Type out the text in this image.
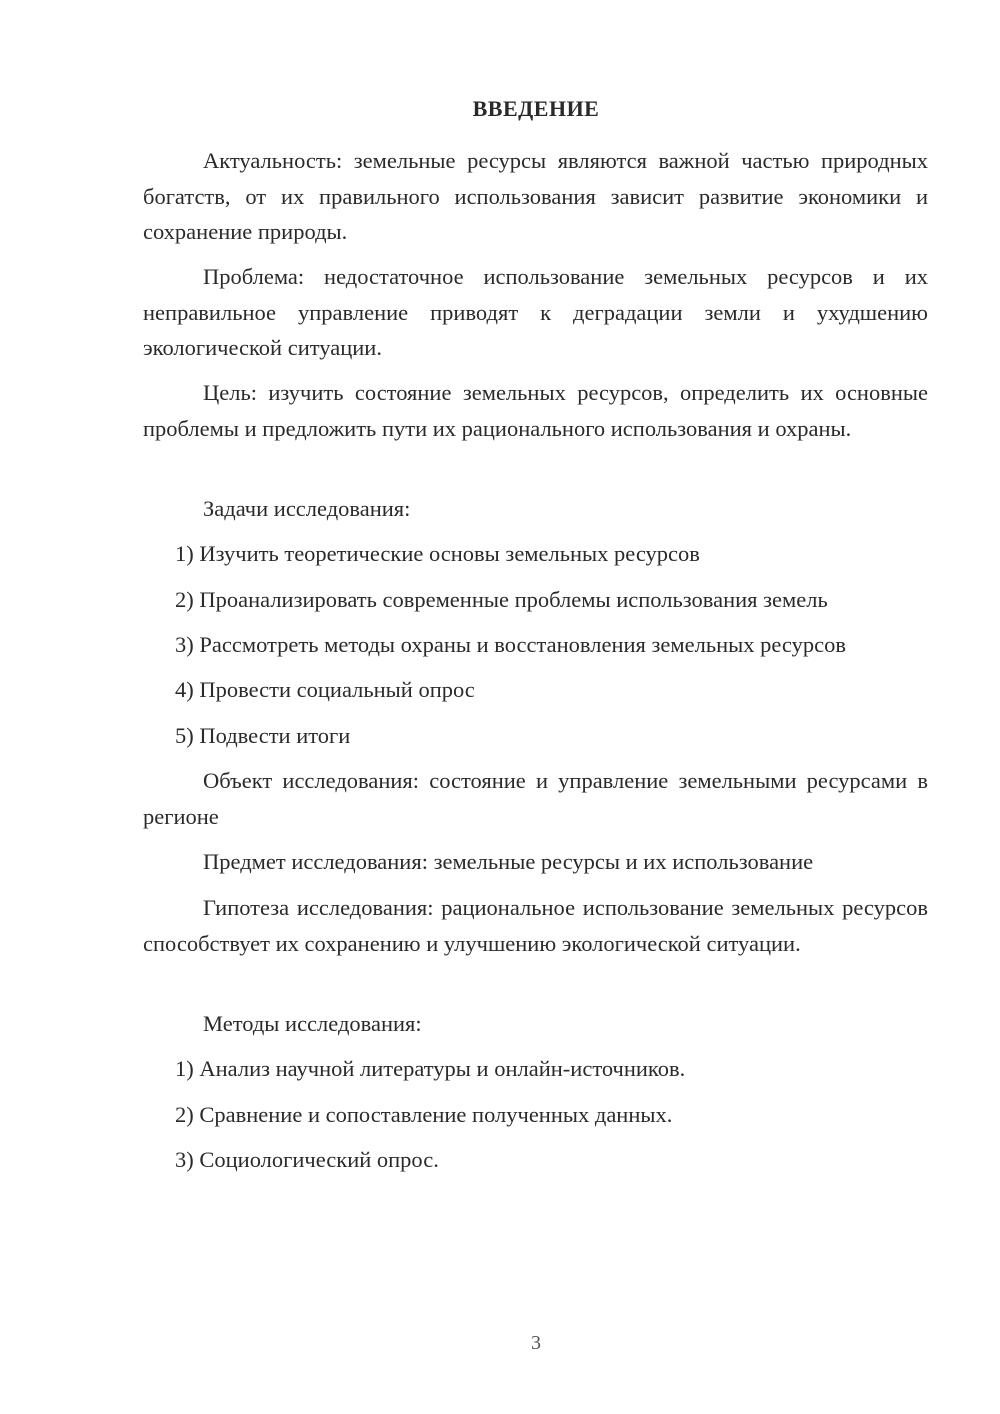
ВВЕДЕНИЕ

Актуальность: земельные ресурсы являются важной частью природных богатств, от их правильного использования зависит развитие экономики и сохранение природы.

Проблема: недостаточное использование земельных ресурсов и их неправильное управление приводят к деградации земли и ухудшению экологической ситуации.

Цель: изучить состояние земельных ресурсов, определить их основные проблемы и предложить пути их рационального использования и охраны.

Задачи исследования:

1) Изучить теоретические основы земельных ресурсов
2) Проанализировать современные проблемы использования земель
3) Рассмотреть методы охраны и восстановления земельных ресурсов
4) Провести социальный опрос
5) Подвести итоги

Объект исследования: состояние и управление земельными ресурсами в регионе

Предмет исследования: земельные ресурсы и их использование

Гипотеза исследования: рациональное использование земельных ресурсов способствует их сохранению и улучшению экологической ситуации.

Методы исследования:

1) Анализ научной литературы и онлайн-источников.
2) Сравнение и сопоставление полученных данных.
3) Социологический опрос.
3
